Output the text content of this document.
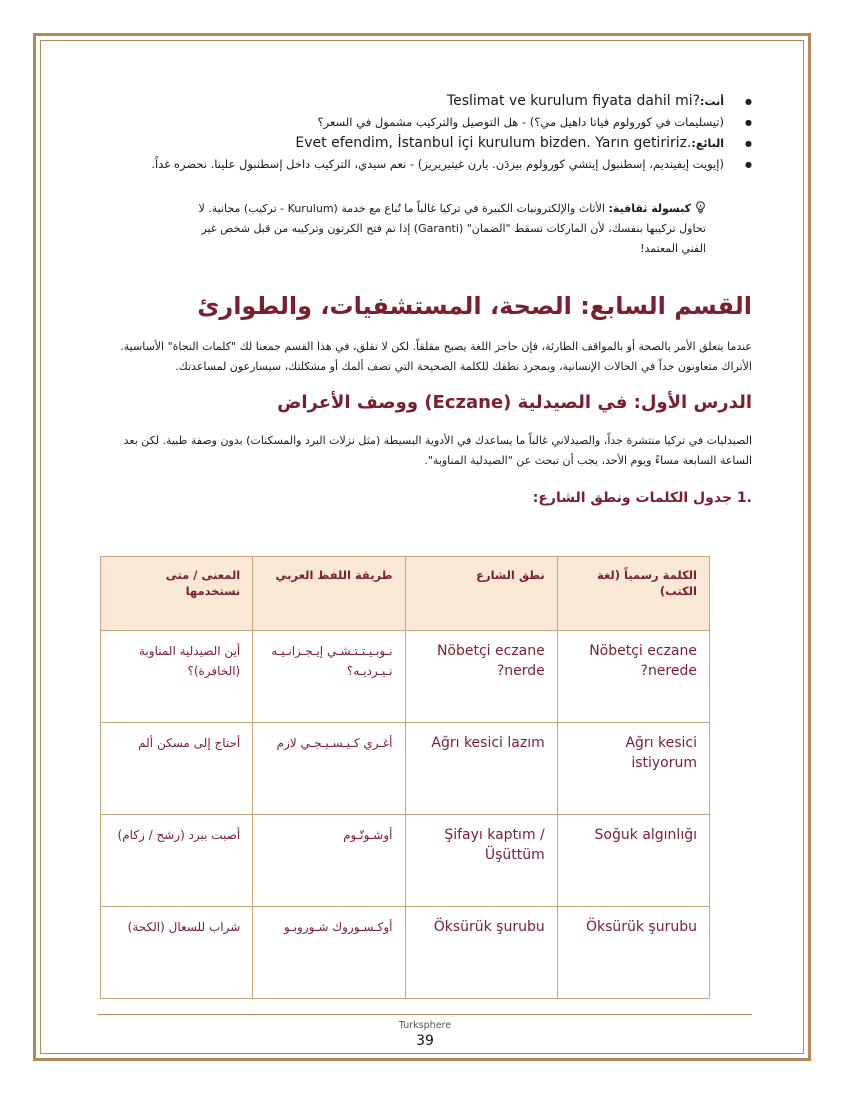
● أنت:Teslimat ve kurulum fiyata dahil mi?
● (تيسليمات في كورولوم فياتا داهيل مي؟) - هل التوصيل والتركيب مشمول في السعر؟
● البائع:Evet efendim, İstanbul içi kurulum bizden. Yarın getiririz.
● (إيويت إيفينديم، إسطنبول إيتشي كورولوم بيزدَن. يارن غيتيريريز) - نعم سيدي، التركيب داخل إسطنبول علينا. نحضره غداً.
كبسولة ثقافية: الأثاث والإلكترونيات الكبيرة في تركيا غالباً ما تُباع مع خدمة (Kurulum - تركيب) مجانية. لا تحاول تركيبها بنفسك، لأن الماركات تسقط "الضمان" (Garanti) إذا تم فتح الكرتون وتركيبه من قبل شخص غير الفني المعتمد!
القسم السابع: الصحة، المستشفيات، والطوارئ

عندما يتعلق الأمر بالصحة أو بالمواقف الطارئة، فإن حاجز اللغة يصبح مقلقاً. لكن لا تقلق، في هذا القسم جمعنا لك "كلمات النجاة" الأساسية. الأتراك متعاونون جداً في الحالات الإنسانية، وبمجرد نطقك للكلمة الصحيحة التي تصف ألمك أو مشكلتك، سيسارعون لمساعدتك.

الدرس الأول: في الصيدلية (Eczane) ووصف الأعراض

الصيدليات في تركيا منتشرة جداً، والصيدلاني غالباً ما يساعدك في الأدوية البسيطة (مثل نزلات البرد والمسكنات) بدون وصفة طبية. لكن بعد الساعة السابعة مساءً ويوم الأحد، يجب أن تبحث عن "الصيدلية المناوبة".

.1 جدول الكلمات ونطق الشارع:
الكلمة رسمياً (لغة الكتب)	نطق الشارع	طريقة اللفظ العربي	المعنى / متى نستخدمها
Nöbetçi eczane nerede?	Nöbetçi eczane nerde?	نـوبـيـتـتـشـي إيـجـزانـيـه نـيـرديـه؟	أين الصيدلية المناوبة (الخافرة)؟
Ağrı kesici istiyorum	Ağrı kesici lazım	أغـري كـيـسـيـجـي لازم	أحتاج إلى مسكن ألم
Soğuk algınlığı	Şifayı kaptım / Üşüttüm	أوشـوتّـوم	أصبت ببرد (رشح / زكام)
Öksürük şurubu	Öksürük şurubu	أوكـسـوروك شـوروبـو	شراب للسعال (الكحة)
Turksphere
39
